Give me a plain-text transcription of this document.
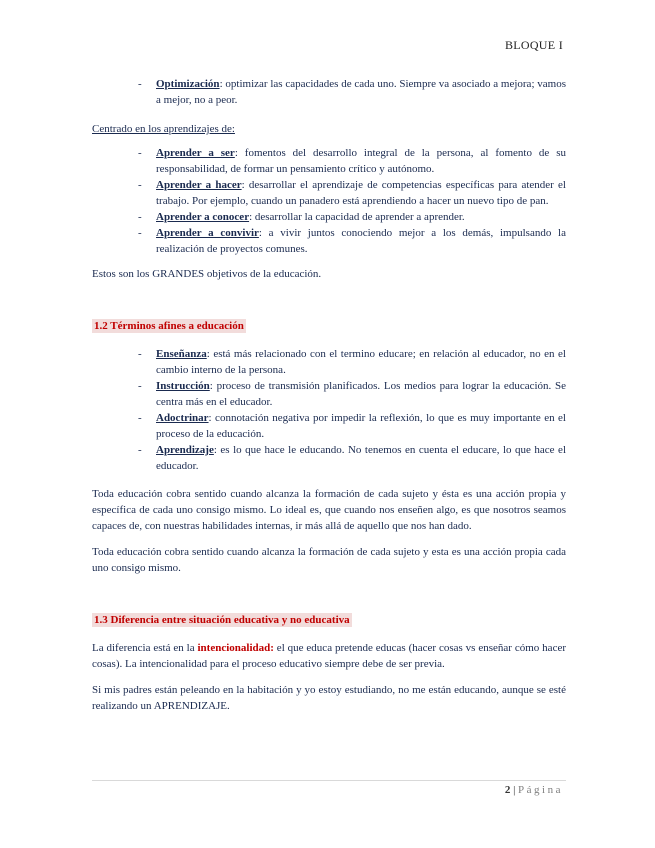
BLOQUE I
- Optimización: optimizar las capacidades de cada uno. Siempre va asociado a mejora; vamos a mejor, no a peor.

Centrado en los aprendizajes de:

- Aprender a ser: fomentos del desarrollo integral de la persona, al fomento de su responsabilidad, de formar un pensamiento crítico y autónomo.
- Aprender a hacer: desarrollar el aprendizaje de competencias específicas para atender el trabajo. Por ejemplo, cuando un panadero está aprendiendo a hacer un nuevo tipo de pan.
- Aprender a conocer: desarrollar la capacidad de aprender a aprender.
- Aprender a convivir: a vivir juntos conociendo mejor a los demás, impulsando la realización de proyectos comunes.

Estos son los GRANDES objetivos de la educación.

1.2 Términos afines a educación
- Enseñanza: está más relacionado con el termino educare; en relación al educador, no en el cambio interno de la persona.
- Instrucción: proceso de transmisión planificados. Los medios para lograr la educación. Se centra más en el educador.
- Adoctrinar: connotación negativa por impedir la reflexión, lo que es muy importante en el proceso de la educación.
- Aprendizaje: es lo que hace le educando. No tenemos en cuenta el educare, lo que hace el educador.

Toda educación cobra sentido cuando alcanza la formación de cada sujeto y ésta es una acción propia y específica de cada uno consigo mismo. Lo ideal es, que cuando nos enseñen algo, es que nosotros seamos capaces de, con nuestras habilidades internas, ir más allá de aquello que nos han dado.

Toda educación cobra sentido cuando alcanza la formación de cada sujeto y esta es una acción propia cada uno consigo mismo.

1.3 Diferencia entre situación educativa y no educativa

La diferencia está en la intencionalidad: el que educa pretende educas (hacer cosas vs enseñar cómo hacer cosas). La intencionalidad para el proceso educativo siempre debe de ser previa.

Si mis padres están peleando en la habitación y yo estoy estudiando, no me están educando, aunque se esté realizando un APRENDIZAJE.

2 | Página
